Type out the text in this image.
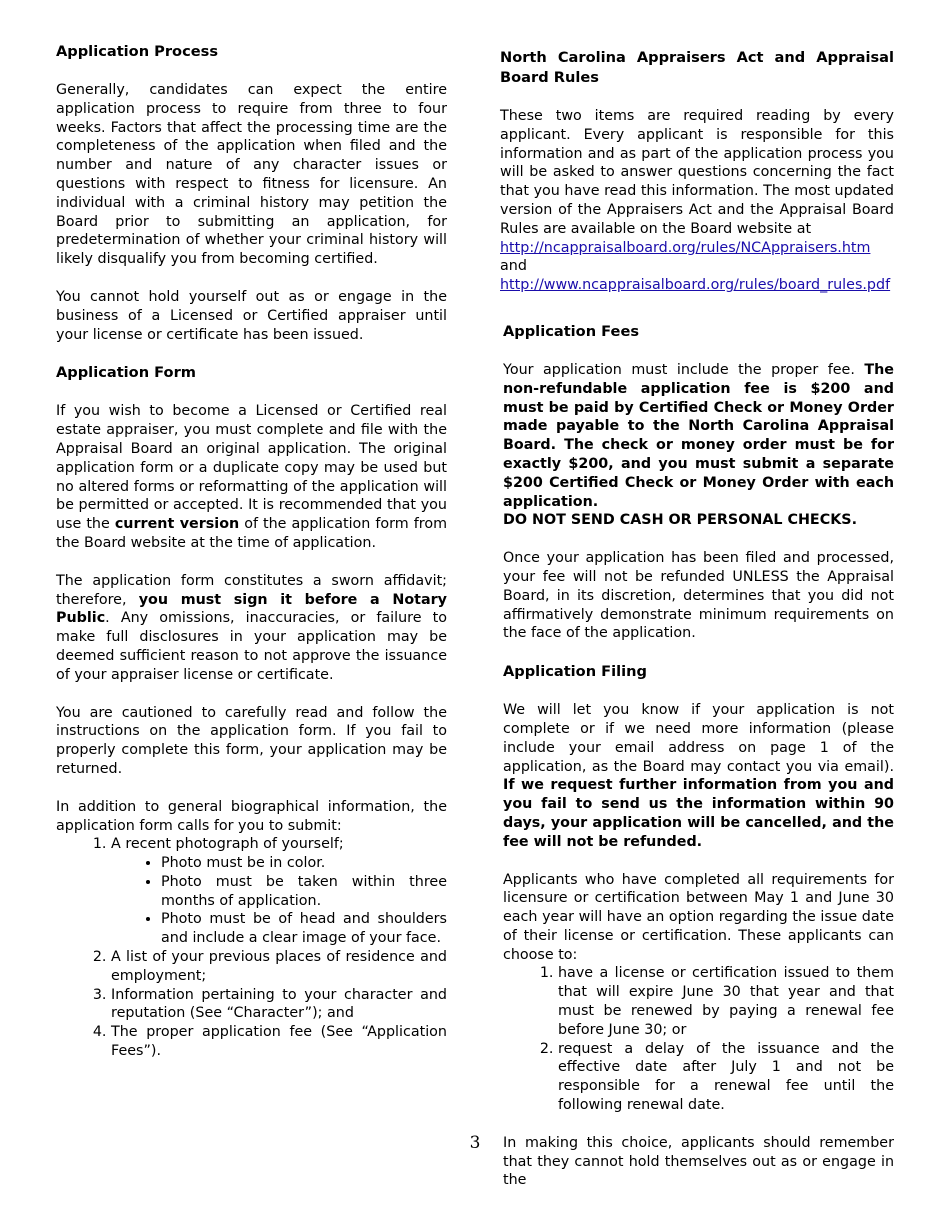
Application Process

Generally, candidates can expect the entire application process to require from three to four weeks. Factors that affect the processing time are the completeness of the application when filed and the number and nature of any character issues or questions with respect to fitness for licensure. An individual with a criminal history may petition the Board prior to submitting an application, for predetermination of whether your criminal history will likely disqualify you from becoming certified.

You cannot hold yourself out as or engage in the business of a Licensed or Certified appraiser until your license or certificate has been issued.

Application Form

If you wish to become a Licensed or Certified real estate appraiser, you must complete and file with the Appraisal Board an original application. The original application form or a duplicate copy may be used but no altered forms or reformatting of the application will be permitted or accepted. It is recommended that you use the current version of the application form from the Board website at the time of application.

The application form constitutes a sworn affidavit; therefore, you must sign it before a Notary Public. Any omissions, inaccuracies, or failure to make full disclosures in your application may be deemed sufficient reason to not approve the issuance of your appraiser license or certificate.

You are cautioned to carefully read and follow the instructions on the application form. If you fail to properly complete this form, your application may be returned.

In addition to general biographical information, the application form calls for you to submit:

1. A recent photograph of yourself;
• Photo must be in color.
• Photo must be taken within three months of application.
• Photo must be of head and shoulders and include a clear image of your face.
2. A list of your previous places of residence and employment;
3. Information pertaining to your character and reputation (See “Character”); and
4. The proper application fee (See “Application Fees”).
North Carolina Appraisers Act and Appraisal Board Rules

These two items are required reading by every applicant. Every applicant is responsible for this information and as part of the application process you will be asked to answer questions concerning the fact that you have read this information. The most updated version of the Appraisers Act and the Appraisal Board Rules are available on the Board website at

http://ncappraisalboard.org/rules/NCAppraisers.htm
and
http://www.ncappraisalboard.org/rules/board_rules.pdf
Application Fees

Your application must include the proper fee. The non-refundable application fee is $200 and must be paid by Certified Check or Money Order made payable to the North Carolina Appraisal Board. The check or money order must be for exactly $200, and you must submit a separate $200 Certified Check or Money Order with each application.
DO NOT SEND CASH OR PERSONAL CHECKS.

Once your application has been filed and processed, your fee will not be refunded UNLESS the Appraisal Board, in its discretion, determines that you did not affirmatively demonstrate minimum requirements on the face of the application.

Application Filing

We will let you know if your application is not complete or if we need more information (please include your email address on page 1 of the application, as the Board may contact you via email). If we request further information from you and you fail to send us the information within 90 days, your application will be cancelled, and the fee will not be refunded.

Applicants who have completed all requirements for licensure or certification between May 1 and June 30 each year will have an option regarding the issue date of their license or certification. These applicants can choose to:

1. have a license or certification issued to them that will expire June 30 that year and that must be renewed by paying a renewal fee before June 30; or
2. request a delay of the issuance and the effective date after July 1 and not be responsible for a renewal fee until the following renewal date.

In making this choice, applicants should remember that they cannot hold themselves out as or engage in the

3
